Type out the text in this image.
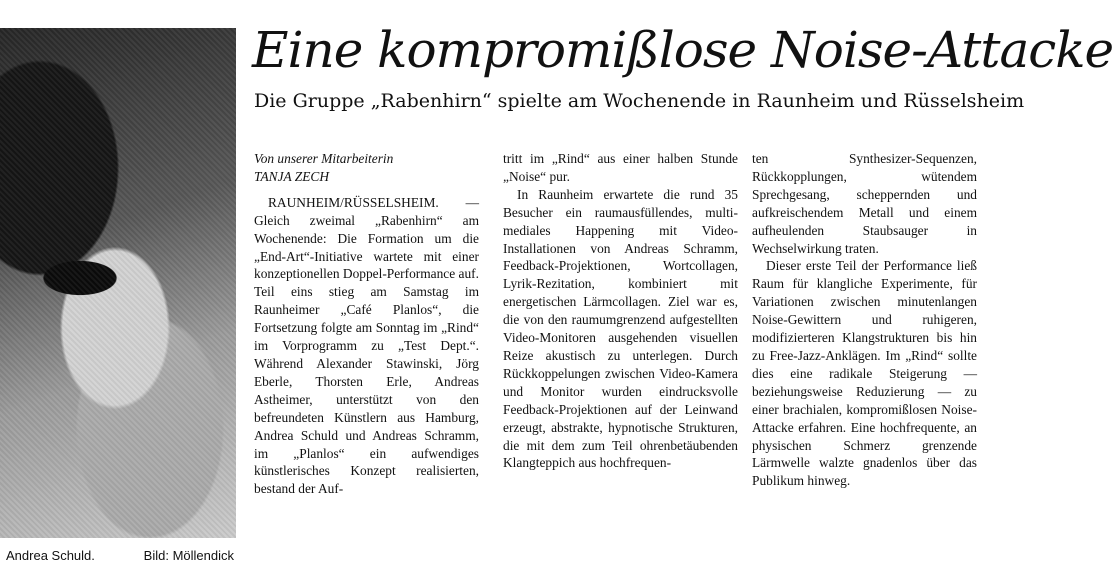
Andrea Schuld.	Bild: Möllendick
Eine kompromißlose Noise-Attacke
Die Gruppe „Rabenhirn“ spielte am Wochenende in Raunheim und Rüsselsheim

Von unserer Mitarbeiterin

TANJA ZECH

RAUNHEIM/RÜSSELSHEIM. — Gleich zweimal „Rabenhirn“ am Wochenende: Die Formation um die „End-Art“-Initiative wartete mit einer konzeptionellen Doppel-Performance auf. Teil eins stieg am Samstag im Raunheimer „Café Planlos“, die Fortsetzung folgte am Sonntag im „Rind“ im Vorprogramm zu „Test Dept.“. Während Alexander Stawinski, Jörg Eberle, Thorsten Erle, Andreas Astheimer, unterstützt von den befreundeten Künstlern aus Hamburg, Andrea Schuld und Andreas Schramm, im „Planlos“ ein aufwendiges künstlerisches Konzept realisierten, bestand der Auf-

tritt im „Rind“ aus einer halben Stunde „Noise“ pur.

In Raunheim erwartete die rund 35 Besucher ein raumausfüllendes, multi-mediales Happening mit Video-Installationen von Andreas Schramm, Feedback-Projektionen, Wortcollagen, Lyrik-Rezitation, kombiniert mit energetischen Lärmcollagen. Ziel war es, die von den raumumgrenzend aufgestellten Video-Monitoren ausgehenden visuellen Reize akustisch zu unterlegen. Durch Rückkoppelungen zwischen Video-Kamera und Monitor wurden eindrucksvolle Feedback-Projektionen auf der Leinwand erzeugt, abstrakte, hypnotische Strukturen, die mit dem zum Teil ohrenbetäubenden Klangteppich aus hochfrequen-

ten Synthesizer-Sequenzen, Rückkopplungen, wütendem Sprechgesang, scheppernden und aufkreischendem Metall und einem aufheulenden Staubsauger in Wechselwirkung traten.

Dieser erste Teil der Performance ließ Raum für klangliche Experimente, für Variationen zwischen minutenlangen Noise-Gewittern und ruhigeren, modifizierteren Klangstrukturen bis hin zu Free-Jazz-Anklägen. Im „Rind“ sollte dies eine radikale Steigerung — beziehungsweise Reduzierung — zu einer brachialen, kompromißlosen Noise-Attacke erfahren. Eine hochfrequente, an physischen Schmerz grenzende Lärmwelle walzte gnadenlos über das Publikum hinweg.
